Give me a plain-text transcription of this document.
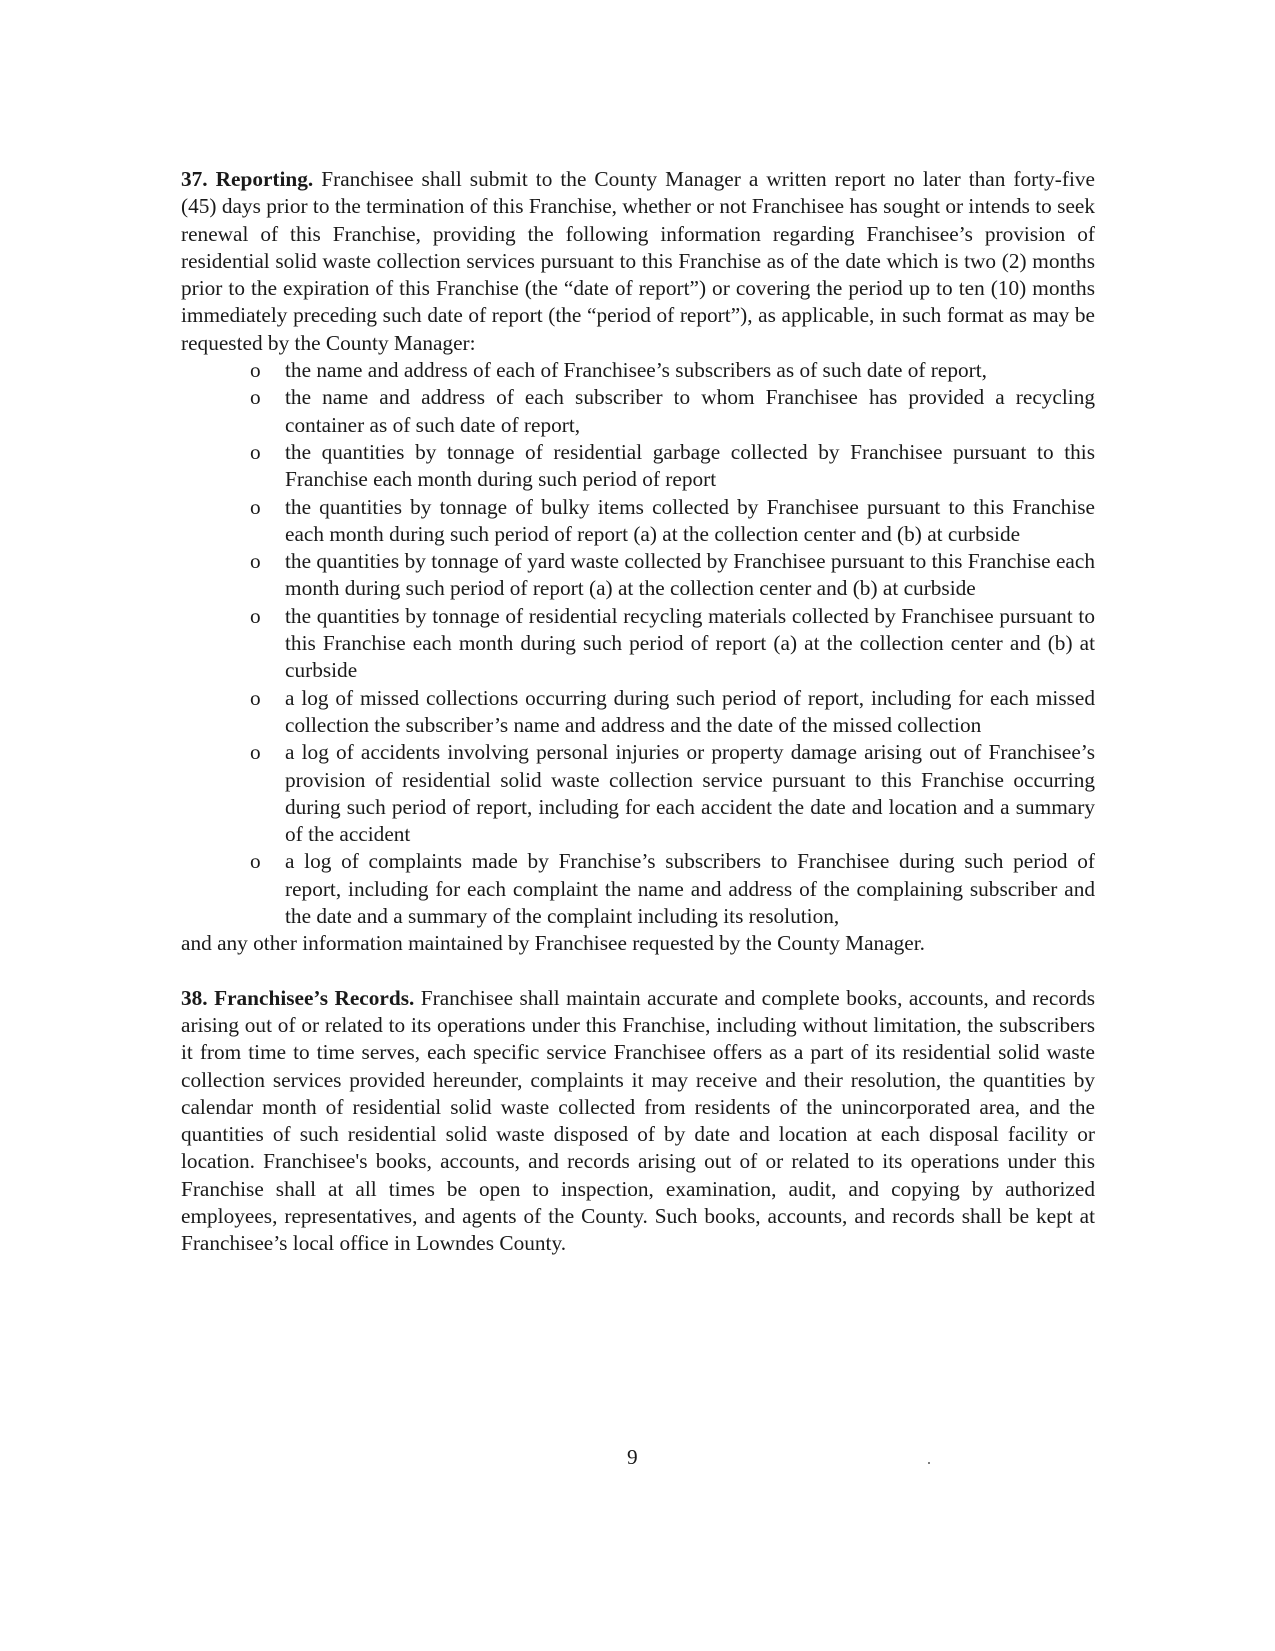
37. Reporting. Franchisee shall submit to the County Manager a written report no later than forty-five (45) days prior to the termination of this Franchise, whether or not Franchisee has sought or intends to seek renewal of this Franchise, providing the following information regarding Franchisee’s provision of residential solid waste collection services pursuant to this Franchise as of the date which is two (2) months prior to the expiration of this Franchise (the “date of report”) or covering the period up to ten (10) months immediately preceding such date of report (the “period of report”), as applicable, in such format as may be requested by the County Manager:

o the name and address of each of Franchisee’s subscribers as of such date of report,
o the name and address of each subscriber to whom Franchisee has provided a recycling container as of such date of report,
o the quantities by tonnage of residential garbage collected by Franchisee pursuant to this Franchise each month during such period of report
o the quantities by tonnage of bulky items collected by Franchisee pursuant to this Franchise each month during such period of report (a) at the collection center and (b) at curbside
o the quantities by tonnage of yard waste collected by Franchisee pursuant to this Franchise each month during such period of report (a) at the collection center and (b) at curbside
o the quantities by tonnage of residential recycling materials collected by Franchisee pursuant to this Franchise each month during such period of report (a) at the collection center and (b) at curbside
o a log of missed collections occurring during such period of report, including for each missed collection the subscriber’s name and address and the date of the missed collection
o a log of accidents involving personal injuries or property damage arising out of Franchisee’s provision of residential solid waste collection service pursuant to this Franchise occurring during such period of report, including for each accident the date and location and a summary of the accident
o a log of complaints made by Franchise’s subscribers to Franchisee during such period of report, including for each complaint the name and address of the complaining subscriber and the date and a summary of the complaint including its resolution,

and any other information maintained by Franchisee requested by the County Manager.

38. Franchisee’s Records. Franchisee shall maintain accurate and complete books, accounts, and records arising out of or related to its operations under this Franchise, including without limitation, the subscribers it from time to time serves, each specific service Franchisee offers as a part of its residential solid waste collection services provided hereunder, complaints it may receive and their resolution, the quantities by calendar month of residential solid waste collected from residents of the unincorporated area, and the quantities of such residential solid waste disposed of by date and location at each disposal facility or location. Franchisee's books, accounts, and records arising out of or related to its operations under this Franchise shall at all times be open to inspection, examination, audit, and copying by authorized employees, representatives, and agents of the County. Such books, accounts, and records shall be kept at Franchisee’s local office in Lowndes County.

9
